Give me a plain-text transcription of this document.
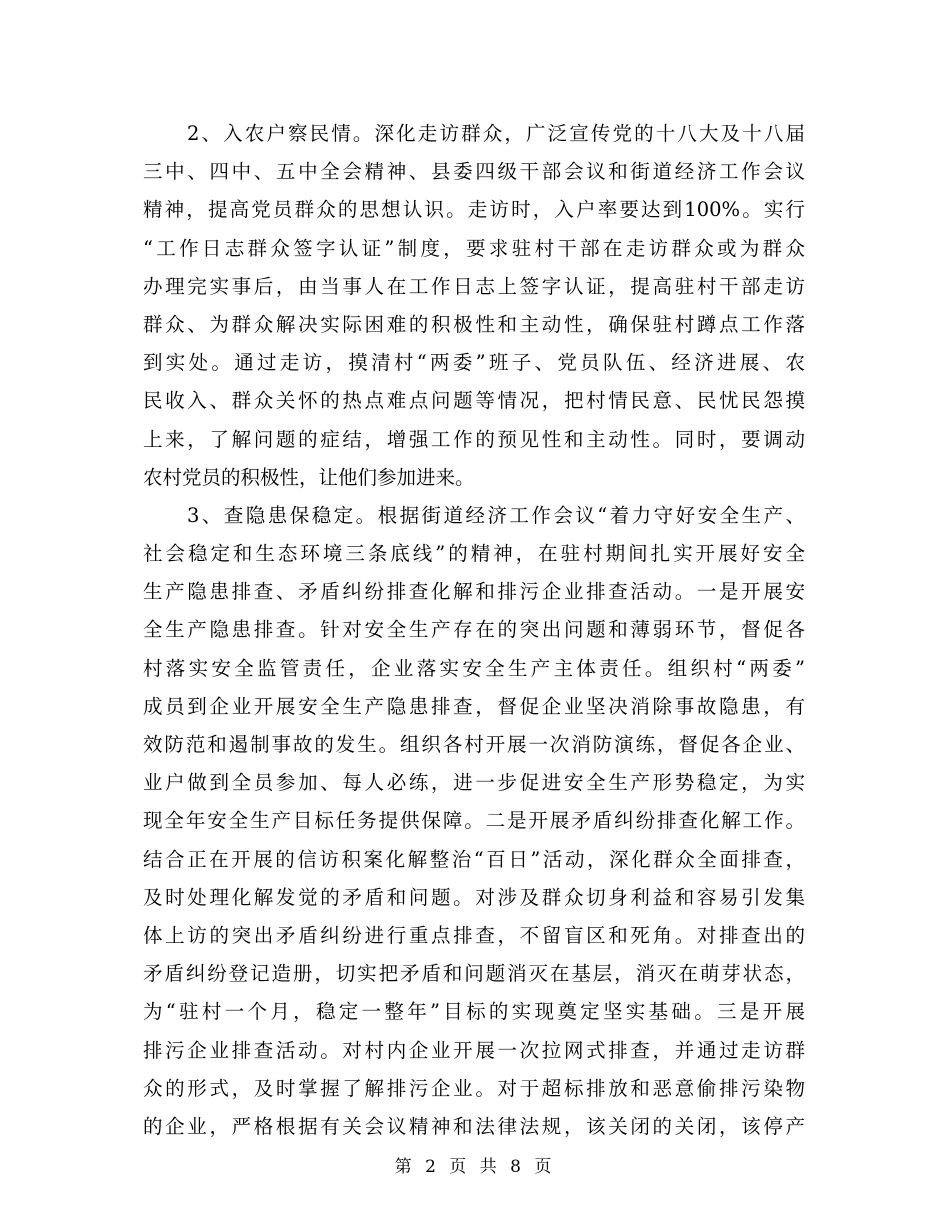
2、入农户察民情。深化走访群众，广泛宣传党的十八大及十八届
三中、四中、五中全会精神、县委四级干部会议和街道经济工作会议
精神，提高党员群众的思想认识。走访时，入户率要达到100%。实行
“工作日志群众签字认证”制度，要求驻村干部在走访群众或为群众
办理完实事后，由当事人在工作日志上签字认证，提高驻村干部走访
群众、为群众解决实际困难的积极性和主动性，确保驻村蹲点工作落
到实处。通过走访，摸清村“两委”班子、党员队伍、经济进展、农
民收入、群众关怀的热点难点问题等情况，把村情民意、民忧民怨摸
上来，了解问题的症结，增强工作的预见性和主动性。同时，要调动
农村党员的积极性，让他们参加进来。
3、查隐患保稳定。根据街道经济工作会议“着力守好安全生产、
社会稳定和生态环境三条底线”的精神，在驻村期间扎实开展好安全
生产隐患排查、矛盾纠纷排查化解和排污企业排查活动。一是开展安
全生产隐患排查。针对安全生产存在的突出问题和薄弱环节，督促各
村落实安全监管责任，企业落实安全生产主体责任。组织村“两委”
成员到企业开展安全生产隐患排查，督促企业坚决消除事故隐患，有
效防范和遏制事故的发生。组织各村开展一次消防演练，督促各企业、
业户做到全员参加、每人必练，进一步促进安全生产形势稳定，为实
现全年安全生产目标任务提供保障。二是开展矛盾纠纷排查化解工作。
结合正在开展的信访积案化解整治“百日”活动，深化群众全面排查，
及时处理化解发觉的矛盾和问题。对涉及群众切身利益和容易引发集
体上访的突出矛盾纠纷进行重点排查，不留盲区和死角。对排查出的
矛盾纠纷登记造册，切实把矛盾和问题消灭在基层，消灭在萌芽状态，
为“驻村一个月，稳定一整年”目标的实现奠定坚实基础。三是开展
排污企业排查活动。对村内企业开展一次拉网式排查，并通过走访群
众的形式，及时掌握了解排污企业。对于超标排放和恶意偷排污染物
的企业，严格根据有关会议精神和法律法规，该关闭的关闭，该停产
第 2 页 共 8 页
